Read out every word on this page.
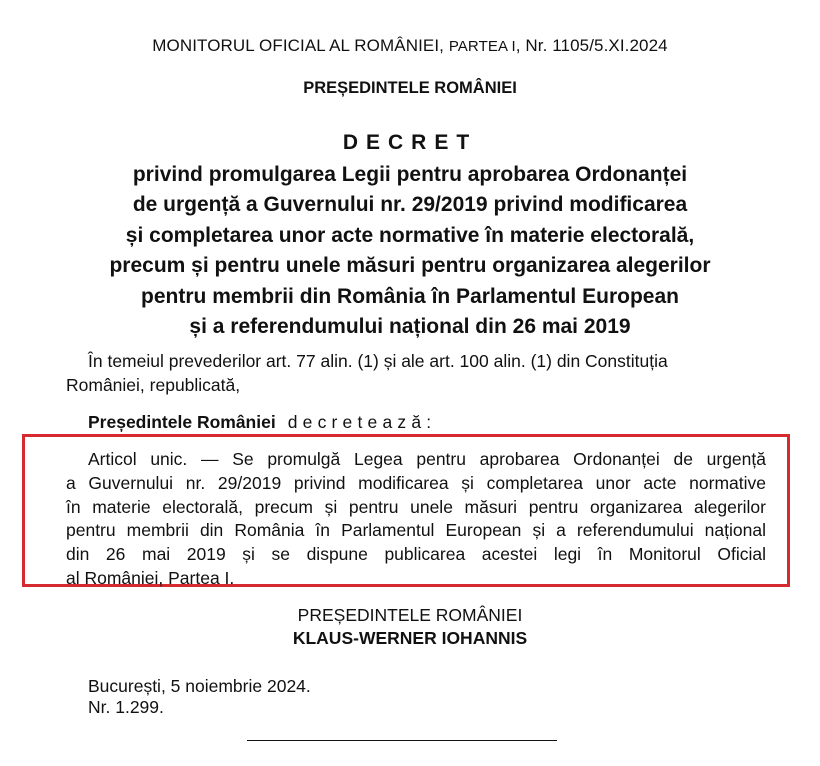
MONITORUL OFICIAL AL ROMÂNIEI, PARTEA I, Nr. 1105/5.XI.2024
PREȘEDINTELE ROMÂNIEI
DECRET
privind promulgarea Legii pentru aprobarea Ordonanței
de urgență a Guvernului nr. 29/2019 privind modificarea
și completarea unor acte normative în materie electorală,
precum și pentru unele măsuri pentru organizarea alegerilor
pentru membrii din România în Parlamentul European
și a referendumului național din 26 mai 2019
În temeiul prevederilor art. 77 alin. (1) și ale art. 100 alin. (1) din Constituția
României, republicată,
Președintele României decretează:
Articol unic. — Se promulgă Legea pentru aprobarea Ordonanței de urgență
a Guvernului nr. 29/2019 privind modificarea și completarea unor acte normative
în materie electorală, precum și pentru unele măsuri pentru organizarea alegerilor
pentru membrii din România în Parlamentul European și a referendumului național
din 26 mai 2019 și se dispune publicarea acestei legi în Monitorul Oficial
al României, Partea I.
PREȘEDINTELE ROMÂNIEI
KLAUS-WERNER IOHANNIS
București, 5 noiembrie 2024.
Nr. 1.299.
